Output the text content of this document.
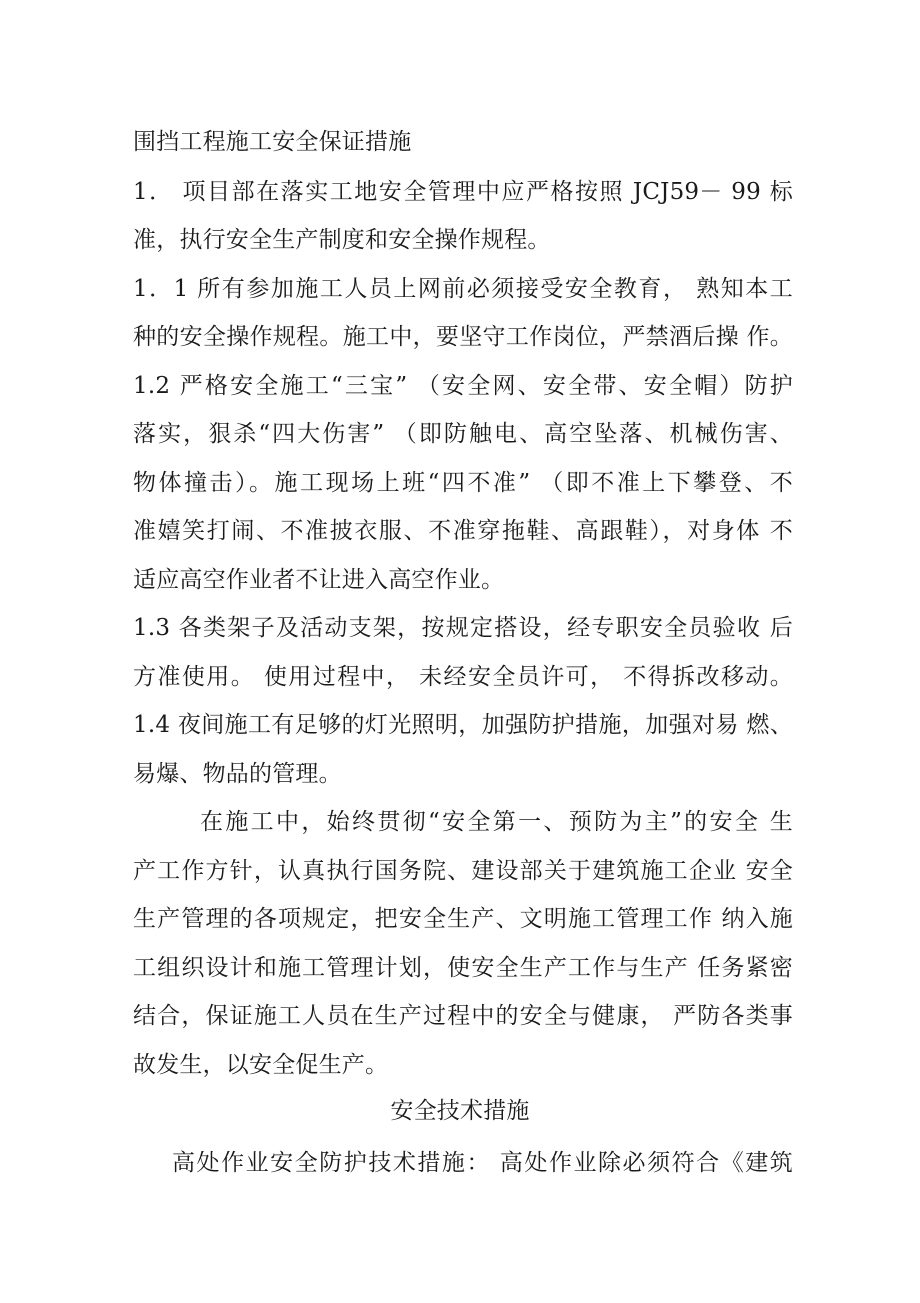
围挡工程施工安全保证措施
1． 项目部在落实工地安全管理中应严格按照 JCJ59－ 99 标
准，执行安全生产制度和安全操作规程。
1．1 所有参加施工人员上网前必须接受安全教育， 熟知本工
种的安全操作规程。施工中，要坚守工作岗位，严禁酒后操 作。
1.2 严格安全施工“三宝” （安全网、安全带、安全帽）防护
落实，狠杀“四大伤害” （即防触电、高空坠落、机械伤害、
物体撞击）。施工现场上班“四不准” （即不准上下攀登、不
准嬉笑打闹、不准披衣服、不准穿拖鞋、高跟鞋），对身体 不
适应高空作业者不让进入高空作业。
1.3 各类架子及活动支架，按规定搭设，经专职安全员验收 后
方准使用。 使用过程中， 未经安全员许可， 不得拆改移动。
1.4 夜间施工有足够的灯光照明，加强防护措施，加强对易 燃、
易爆、物品的管理。
在施工中，始终贯彻“安全第一、预防为主”的安全 生
产工作方针，认真执行国务院、建设部关于建筑施工企业 安全
生产管理的各项规定，把安全生产、文明施工管理工作 纳入施
工组织设计和施工管理计划，使安全生产工作与生产 任务紧密
结合，保证施工人员在生产过程中的安全与健康， 严防各类事
故发生，以安全促生产。
安全技术措施
高处作业安全防护技术措施： 高处作业除必须符合《建筑
